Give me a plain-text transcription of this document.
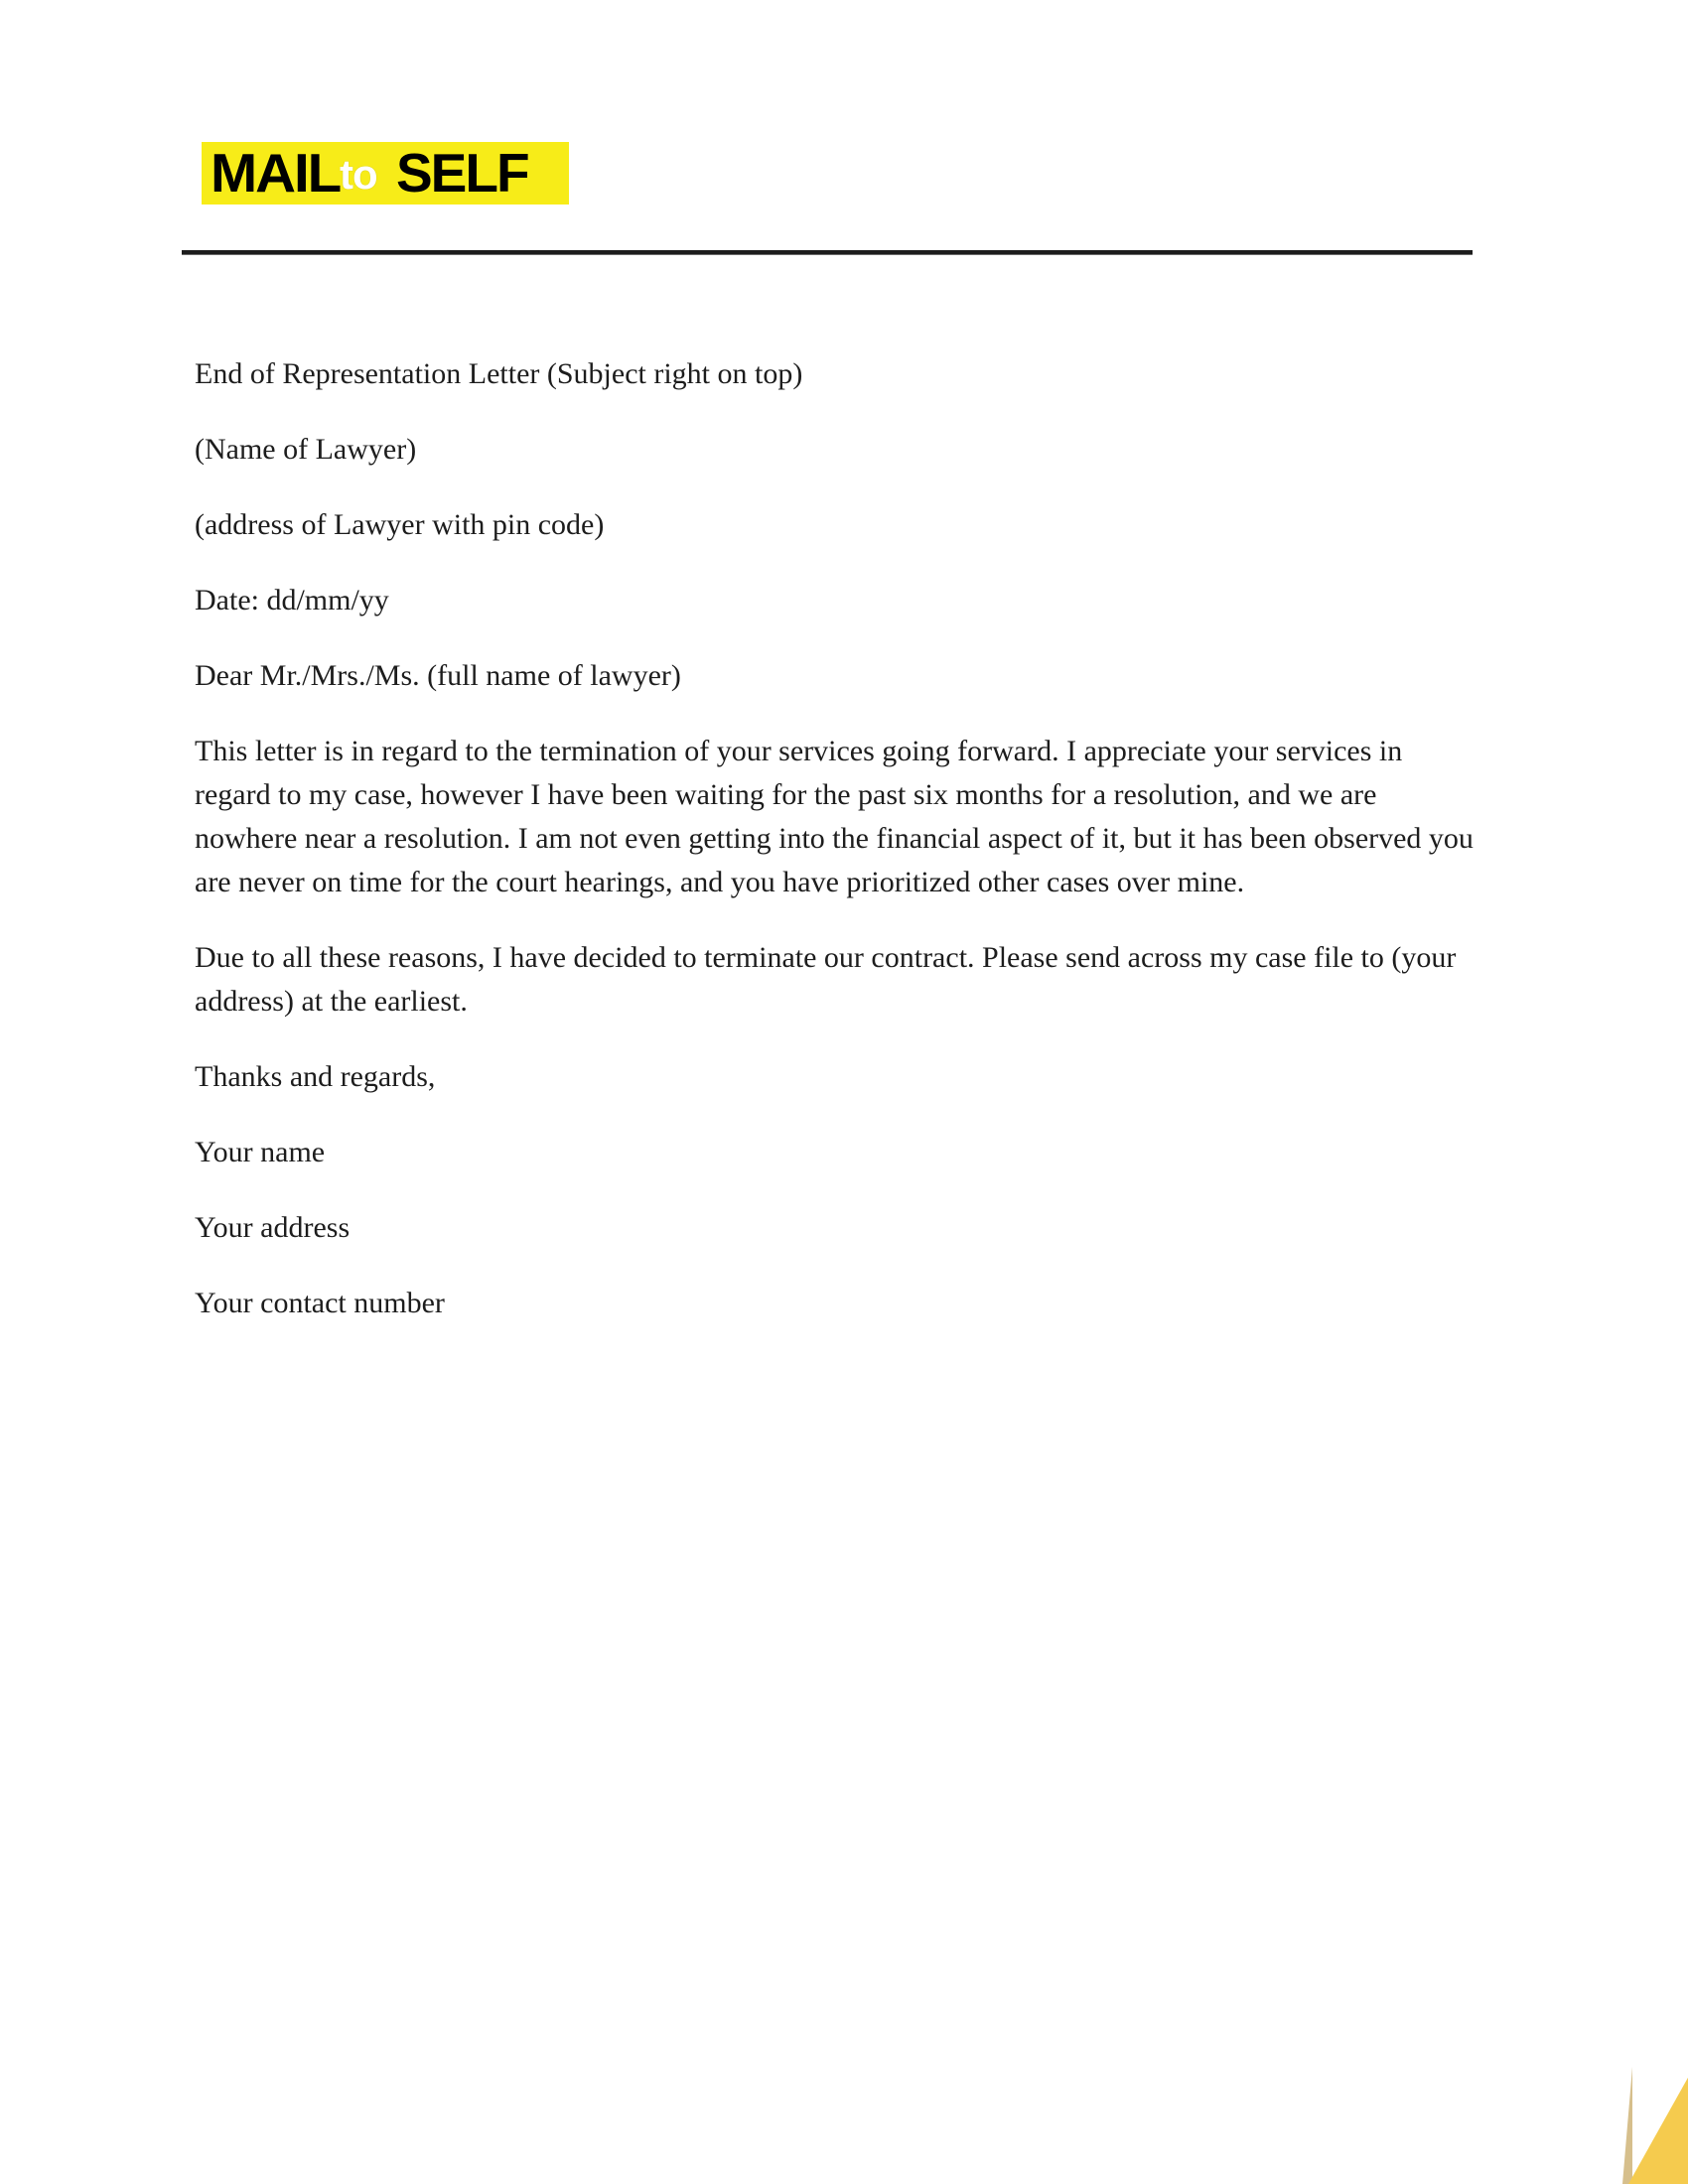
MAIL	SELF
to

End of Representation Letter (Subject right on top)

(Name of Lawyer)

(address of Lawyer with pin code)

Date: dd/mm/yy

Dear Mr./Mrs./Ms. (full name of lawyer)

This letter is in regard to the termination of your services going forward. I appreciate your services in regard to my case, however I have been waiting for the past six months for a resolution, and we are nowhere near a resolution. I am not even getting into the financial aspect of it, but it has been observed you are never on time for the court hearings, and you have prioritized other cases over mine.

Due to all these reasons, I have decided to terminate our contract. Please send across my case file to (your address) at the earliest.

Thanks and regards,

Your name

Your address

Your contact number
